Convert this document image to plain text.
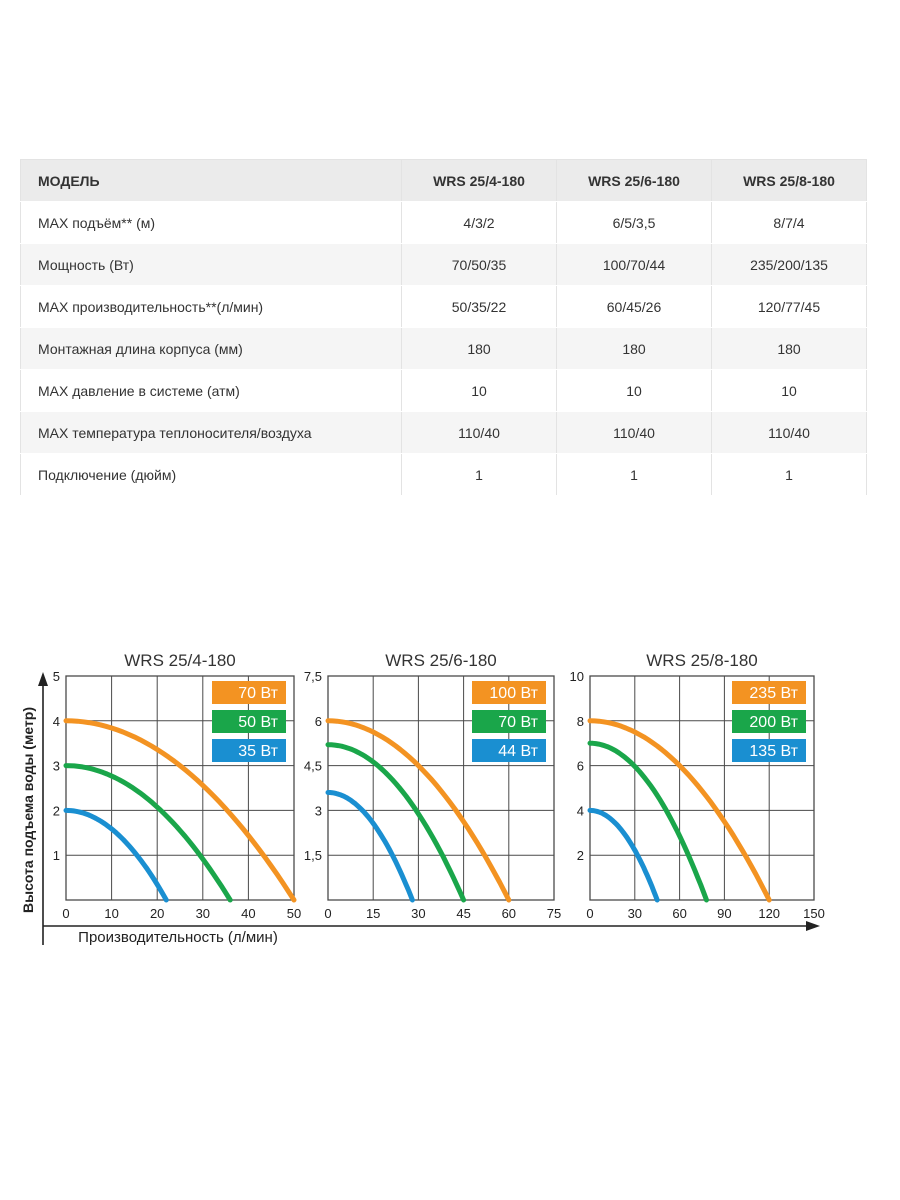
МОДЕЛЬ	WRS 25/4-180	WRS 25/6-180	WRS 25/8-180
MAX подъём** (м)	4/3/2	6/5/3,5	8/7/4
Мощность (Вт)	70/50/35	100/70/44	235/200/135
MAX производительность**(л/мин)	50/35/22	60/45/26	120/77/45
Монтажная длина корпуса (мм)	180	180	180
MAX давление в системе (атм)	10	10	10
MAX температура теплоносителя/воздуха	110/40	110/40	110/40
Подключение (дюйм)	1	1	1
WRS 25/4-180
0	10 20 30 40 50
1
2
3
4
5
70 Вт
50 Вт
35 Вт
WRS 25/6-180
0	15 30 45 60 75
1,5
3
4,5
6
7,5
100 Вт
70 Вт
44 Вт
WRS 25/8-180
0	30 60 90 120 150
2
4
6
8
10
235 Вт
200 Вт
135 Вт
Производительность (л/мин)
Высота подъема воды (метр)
